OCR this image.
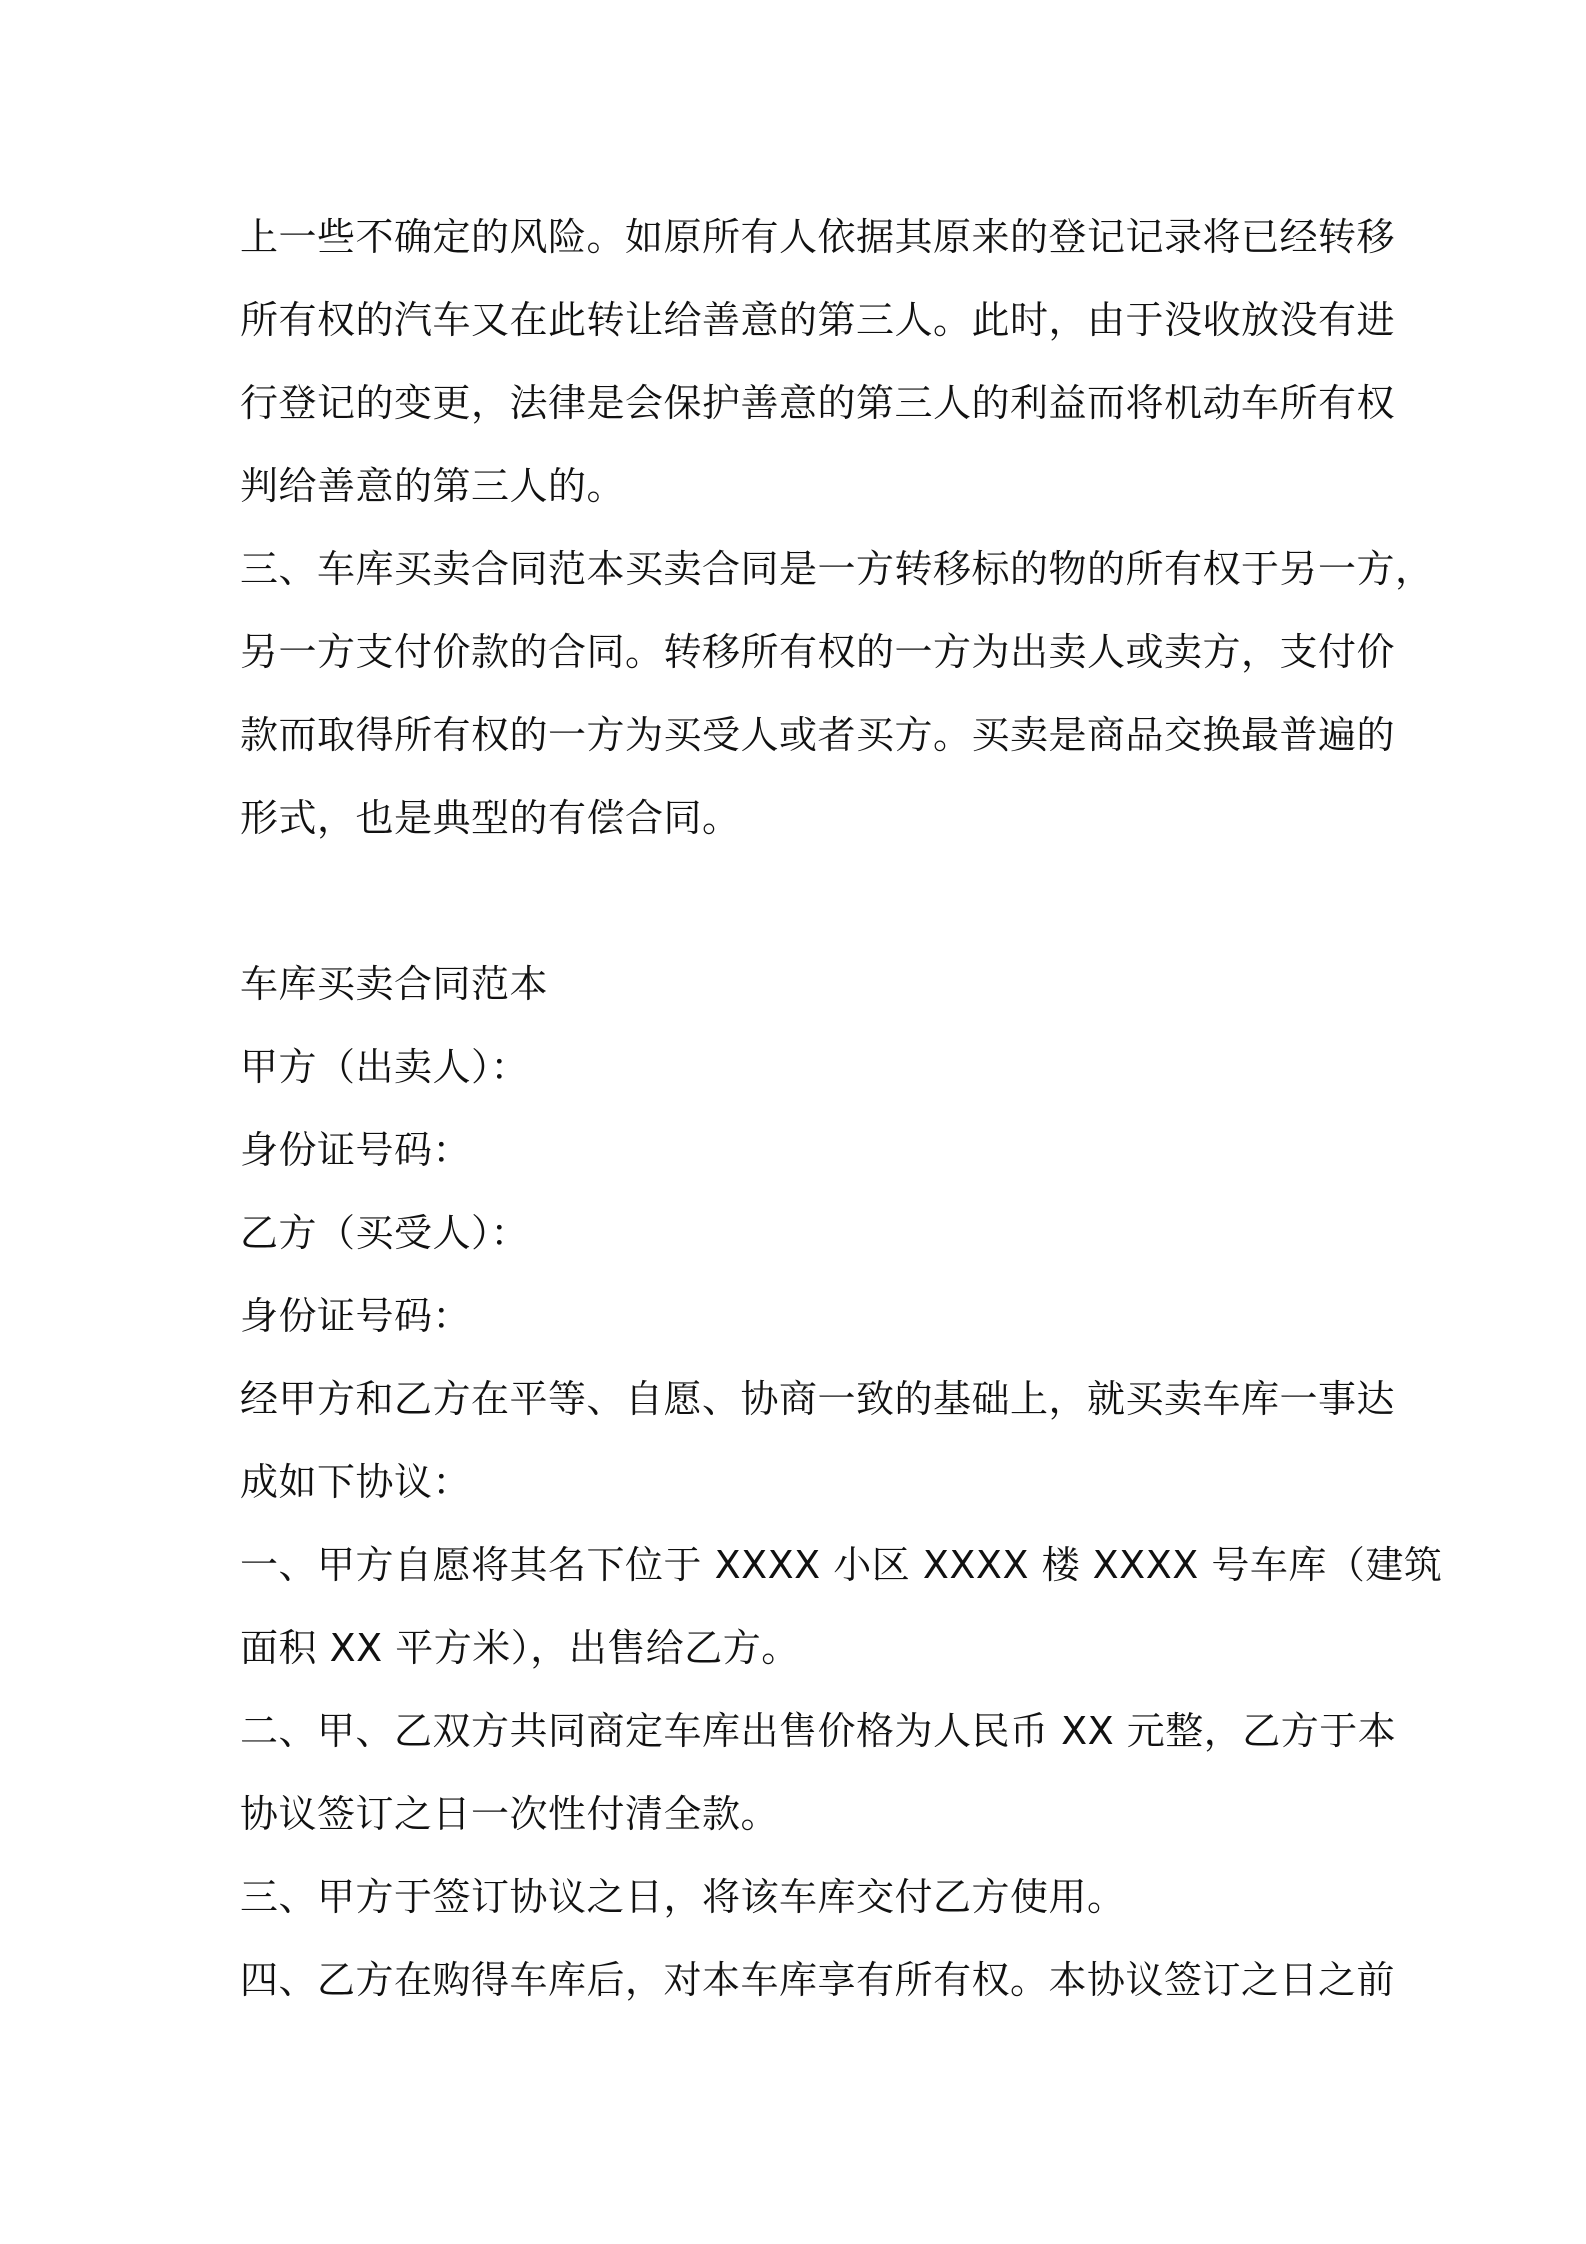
上一些不确定的风险。如原所有人依据其原来的登记记录将已经转移
所有权的汽车又在此转让给善意的第三人。此时，由于没收放没有进
行登记的变更，法律是会保护善意的第三人的利益而将机动车所有权
判给善意的第三人的。
三、车库买卖合同范本买卖合同是一方转移标的物的所有权于另一方，
另一方支付价款的合同。转移所有权的一方为出卖人或卖方，支付价
款而取得所有权的一方为买受人或者买方。买卖是商品交换最普遍的
形式，也是典型的有偿合同。
车库买卖合同范本
甲方（出卖人）：
身份证号码：
乙方（买受人）：
身份证号码：
经甲方和乙方在平等、自愿、协商一致的基础上，就买卖车库一事达
成如下协议：
一、甲方自愿将其名下位于 XXXX 小区 XXXX 楼 XXXX 号车库（建筑
面积 XX 平方米），出售给乙方。
二、甲、乙双方共同商定车库出售价格为人民币 XX 元整，乙方于本
协议签订之日一次性付清全款。
三、甲方于签订协议之日，将该车库交付乙方使用。
四、乙方在购得车库后，对本车库享有所有权。本协议签订之日之前
